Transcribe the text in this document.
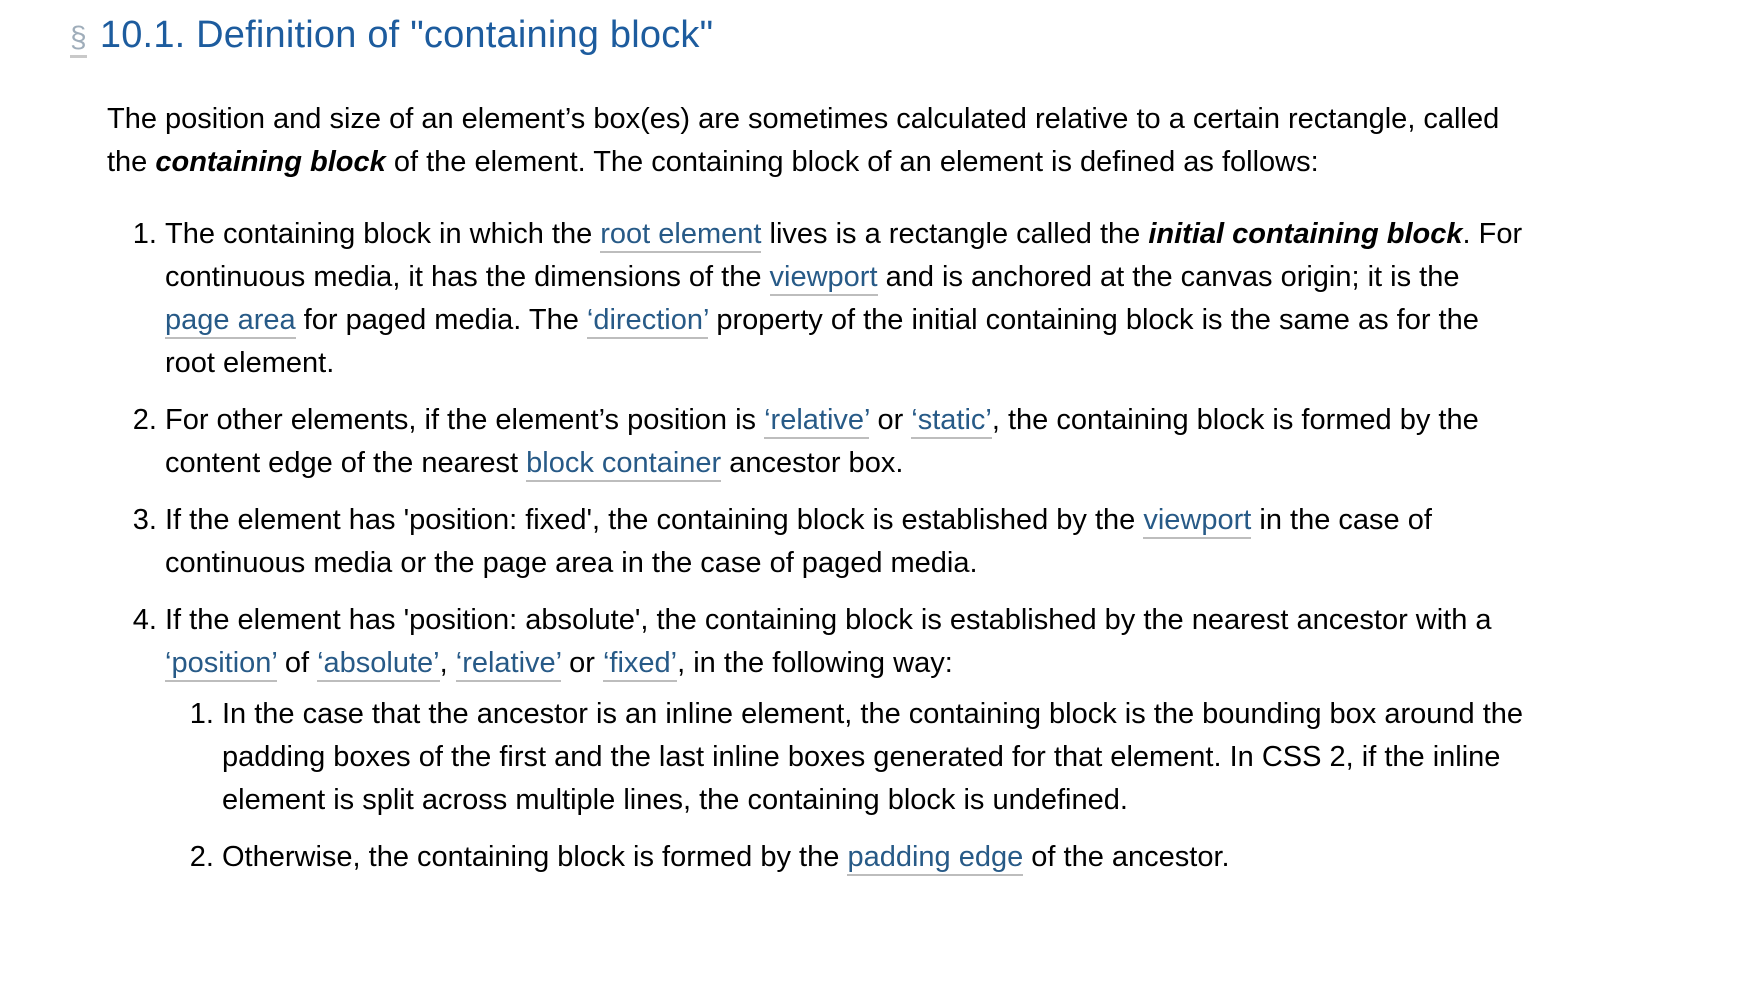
§ 10.1. Definition of "containing block"

The position and size of an element’s box(es) are sometimes calculated relative to a certain rectangle, called the containing block of the element. The containing block of an element is defined as follows:

1. The containing block in which the root element lives is a rectangle called the initial containing block. For continuous media, it has the dimensions of the viewport and is anchored at the canvas origin; it is the page area for paged media. The ‘direction’ property of the initial containing block is the same as for the root element.
2. For other elements, if the element’s position is ‘relative’ or ‘static’, the containing block is formed by the content edge of the nearest block container ancestor box.
3. If the element has 'position: fixed', the containing block is established by the viewport in the case of continuous media or the page area in the case of paged media.
4. If the element has 'position: absolute', the containing block is established by the nearest ancestor with a ‘position’ of ‘absolute’, ‘relative’ or ‘fixed’, in the following way:
1. In the case that the ancestor is an inline element, the containing block is the bounding box around the padding boxes of the first and the last inline boxes generated for that element. In CSS 2, if the inline element is split across multiple lines, the containing block is undefined.
2. Otherwise, the containing block is formed by the padding edge of the ancestor.
